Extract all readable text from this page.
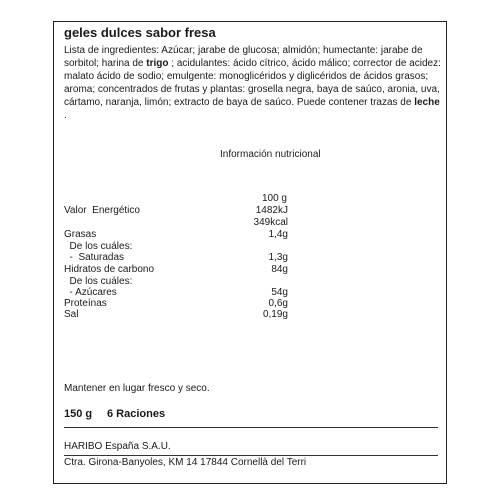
geles dulces sabor fresa
Lista de ingredientes: Azúcar; jarabe de glucosa; almidón; humectante: jarabe de sorbitol; harina de trigo ; acidulantes: ácido cítrico, ácido málico; corrector de acidez: malato ácido de sodio; emulgente: monoglicéridos y diglicéridos de ácidos grasos; aroma; concentrados de frutas y plantas: grosella negra, baya de saúco, aronia, uva, cártamo, naranja, limón; extracto de baya de saúco. Puede contener trazas de leche .
Información nutricional
100 g
Valor  Energético	1482kJ
349kcal
Grasas	1,4g
De los cuáles:
-  Saturadas	1,3g
Hidratos de carbono	84g
De los cuáles:
- Azúcares	54g
Proteínas	0,6g
Sal	0,19g
Mantener en lugar fresco y seco.
150 g 6 Raciones
HARIBO España S.A.U.
Ctra. Girona-Banyoles, KM 14 17844 Cornellà del Terri
